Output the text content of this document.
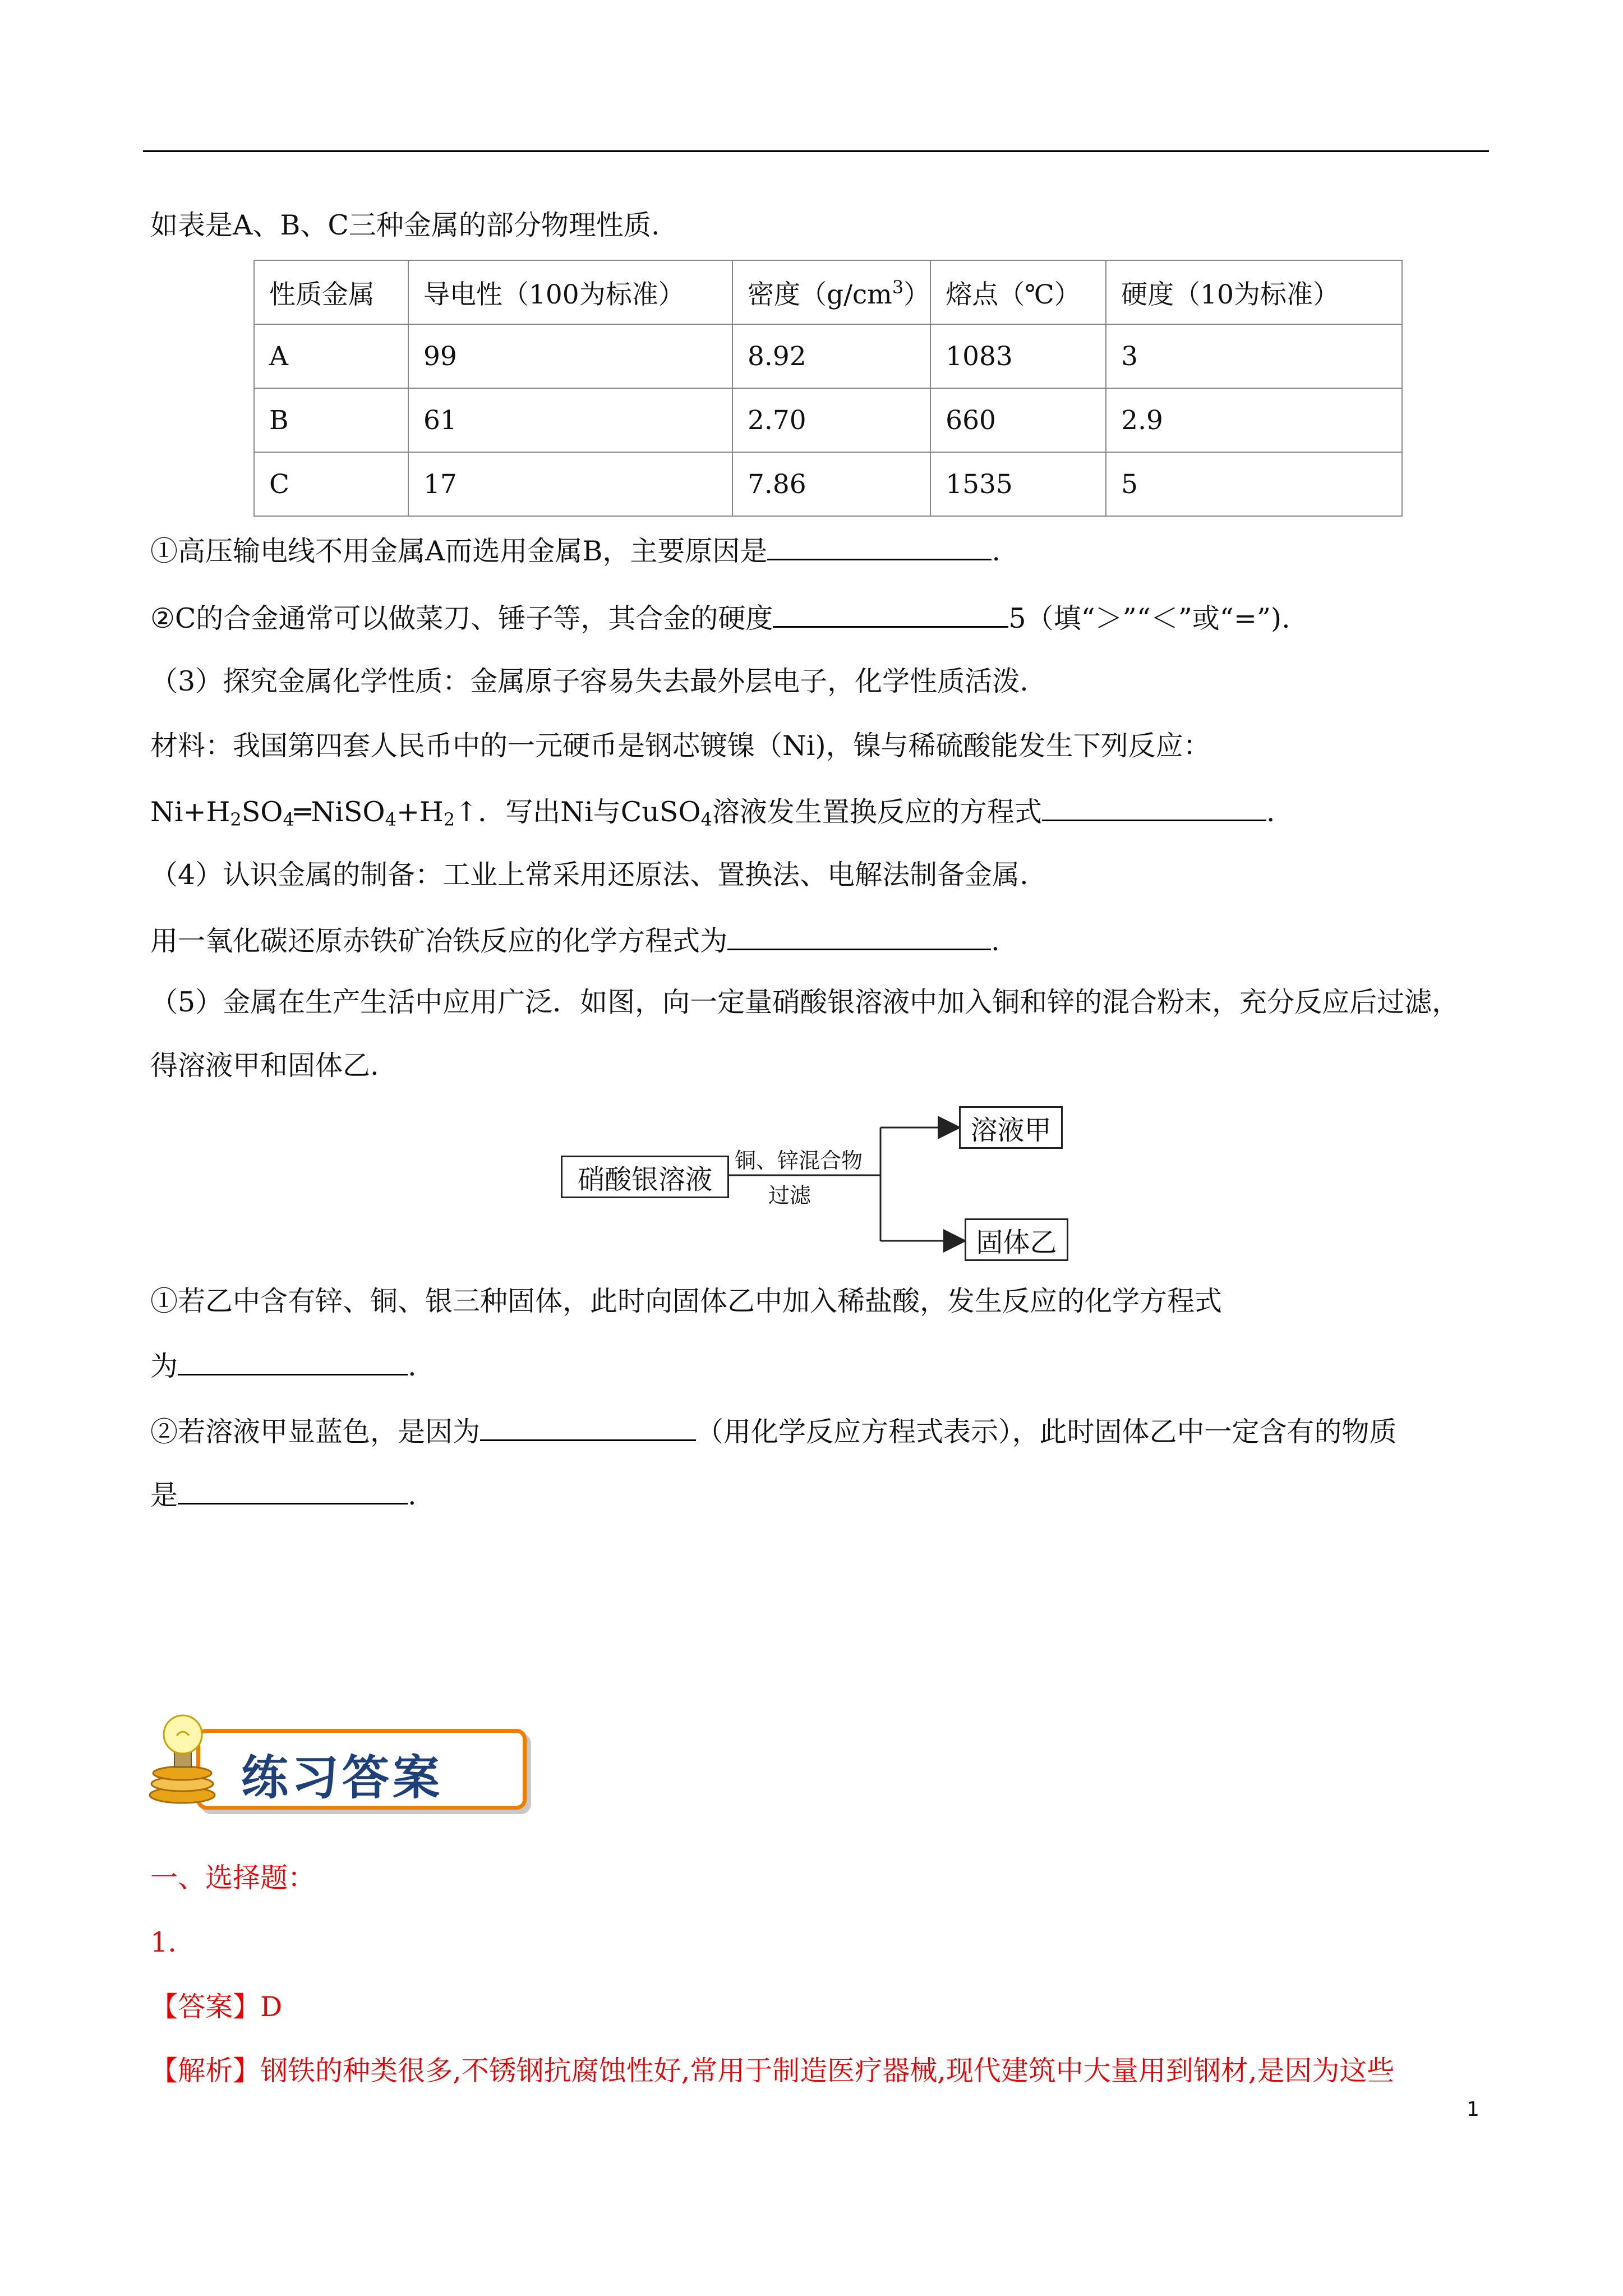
如表是A、B、C三种金属的部分物理性质.
性质金属	导电性（100为标准）	密度$(g/cm^3)$	熔点（℃）	硬度（10为标准）
A	99	8.92	1083	3
B	61	2.70	660	2.9
C	17	7.86	1535	5
①高压输电线不用金属A而选用金属B，主要原因是	.
②C的合金通常可以做菜刀、锤子等，其合金的硬度	5（填“＞”“＜”或“=”).
（3）探究金属化学性质：金属原子容易失去最外层电子，化学性质活泼.
材料：我国第四套人民币中的一元硬币是钢芯镀镍（Ni)，镍与稀硫酸能发生下列反应：
$Ni+H_2SO_4═NiSO_4+H_2↑$．写出Ni与CuSO$_4$溶液发生置换反应的方程式	.
（4）认识金属的制备：工业上常采用还原法、置换法、电解法制备金属.
用一氧化碳还原赤铁矿冶铁反应的化学方程式为	.
（5）金属在生产生活中应用广泛．如图，向一定量硝酸银溶液中加入铜和锌的混合粉末，充分反应后过滤，
得溶液甲和固体乙.
硝酸银溶液
铜、锌混合物
过滤
溶液甲
固体乙
①若乙中含有锌、铜、银三种固体，此时向固体乙中加入稀盐酸，发生反应的化学方程式
为	.
②若溶液甲显蓝色，是因为	（用化学反应方程式表示），此时固体乙中一定含有的物质
是	.
练习答案
一、选择题：
1.
【答案】D
【解析】钢铁的种类很多,不锈钢抗腐蚀性好,常用于制造医疗器械,现代建筑中大量用到钢材,是因为这些
1
